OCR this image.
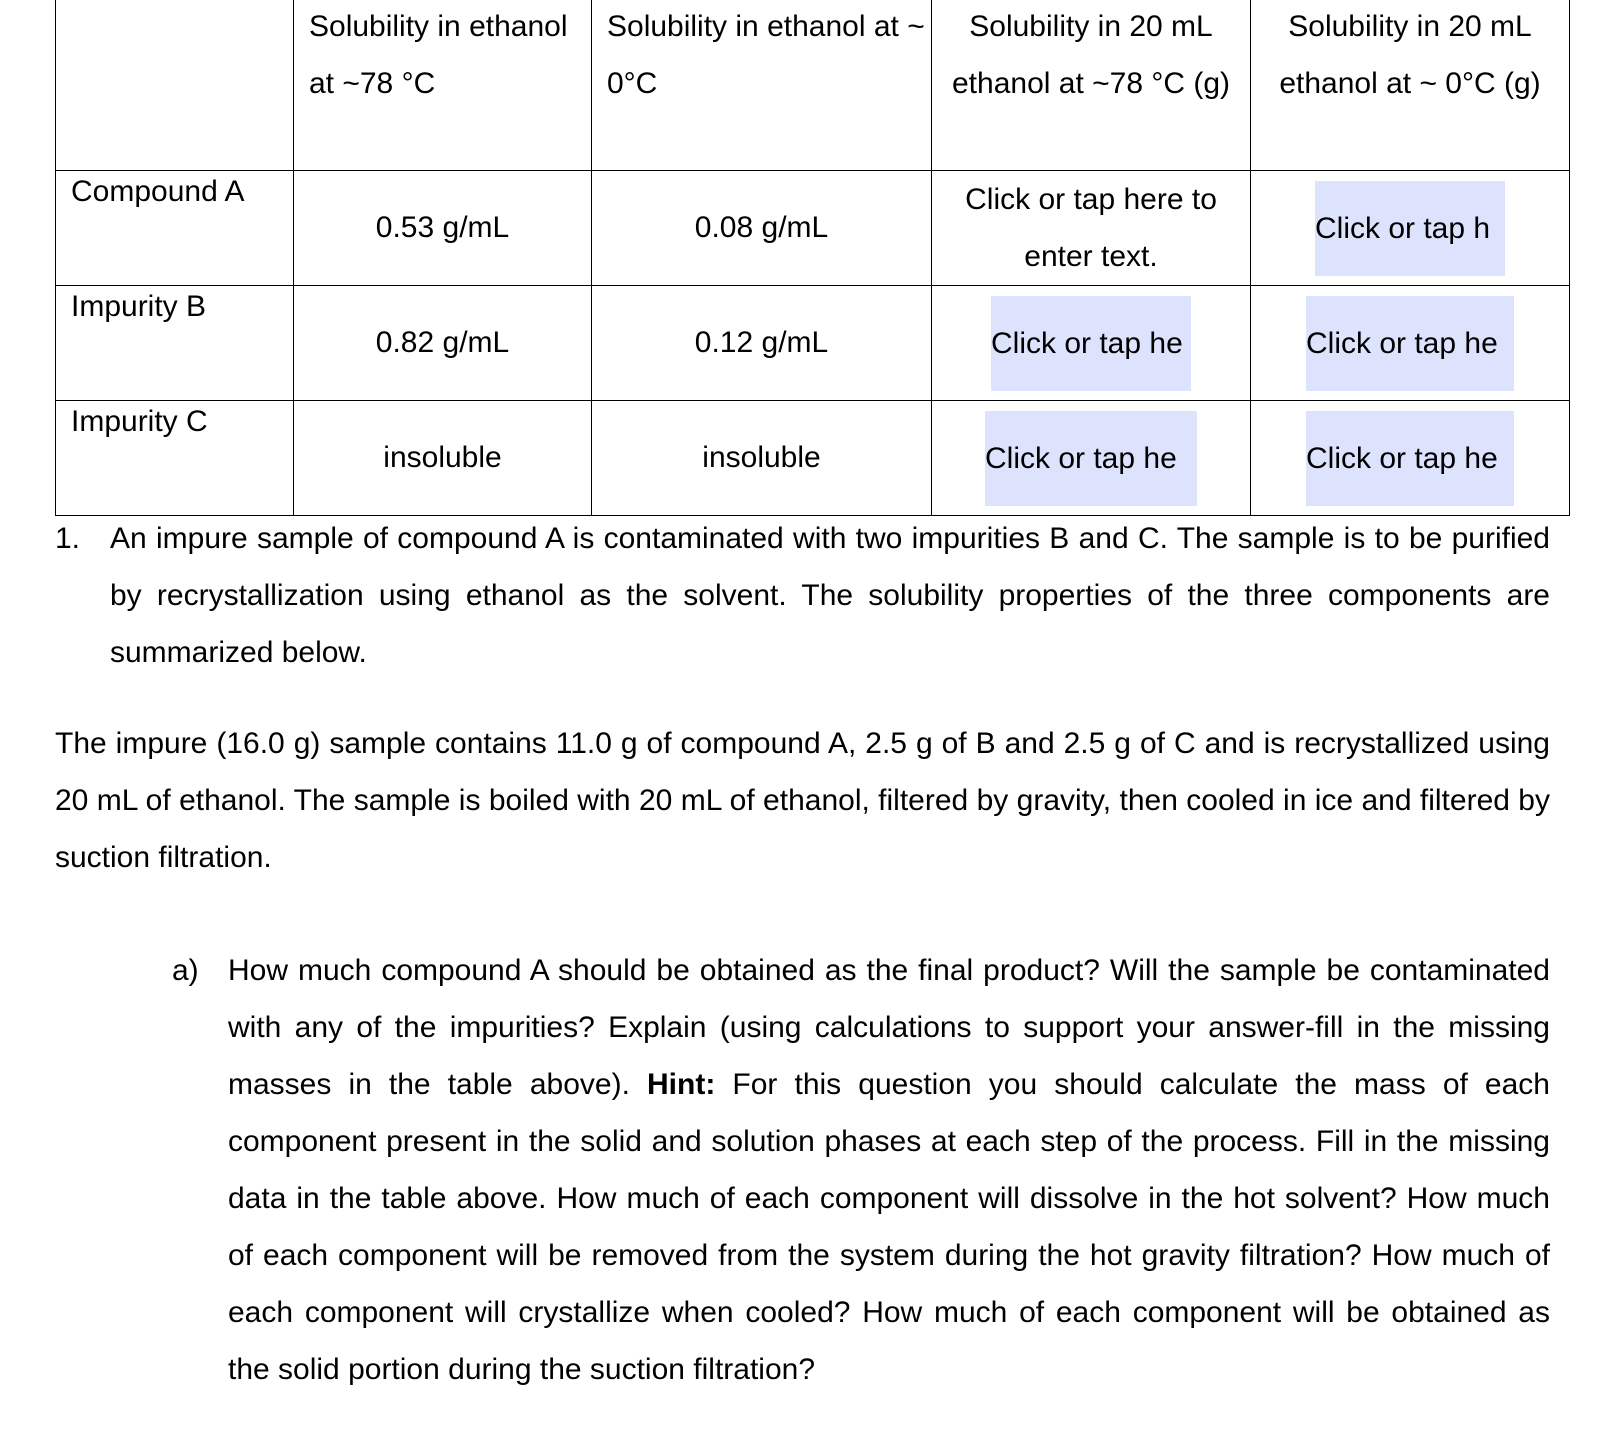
	Solubility in ethanol at ~78 °C	Solubility in ethanol at ~ 0°C	Solubility in 20 mL ethanol at ~78 °C (g)	Solubility in 20 mL ethanol at ~ 0°C (g)
Compound A	0.53 g/mL	0.08 g/mL	Click or tap here to enter text.	Click or tap h
Impurity B	0.82 g/mL	0.12 g/mL	Click or tap he	Click or tap he
Impurity C	insoluble	insoluble	Click or tap he	Click or tap he
1. An impure sample of compound A is contaminated with two impurities B and C. The sample is to be purified by recrystallization using ethanol as the solvent. The solubility properties of the three components are summarized below.

The impure (16.0 g) sample contains 11.0 g of compound A, 2.5 g of B and 2.5 g of C and is recrystallized using 20 mL of ethanol. The sample is boiled with 20 mL of ethanol, filtered by gravity, then cooled in ice and filtered by suction filtration.

a) How much compound A should be obtained as the final product? Will the sample be contaminated with any of the impurities? Explain (using calculations to support your answer-fill in the missing masses in the table above). Hint: For this question you should calculate the mass of each component present in the solid and solution phases at each step of the process. Fill in the missing data in the table above. How much of each component will dissolve in the hot solvent? How much of each component will be removed from the system during the hot gravity filtration? How much of each component will crystallize when cooled? How much of each component will be obtained as the solid portion during the suction filtration?
